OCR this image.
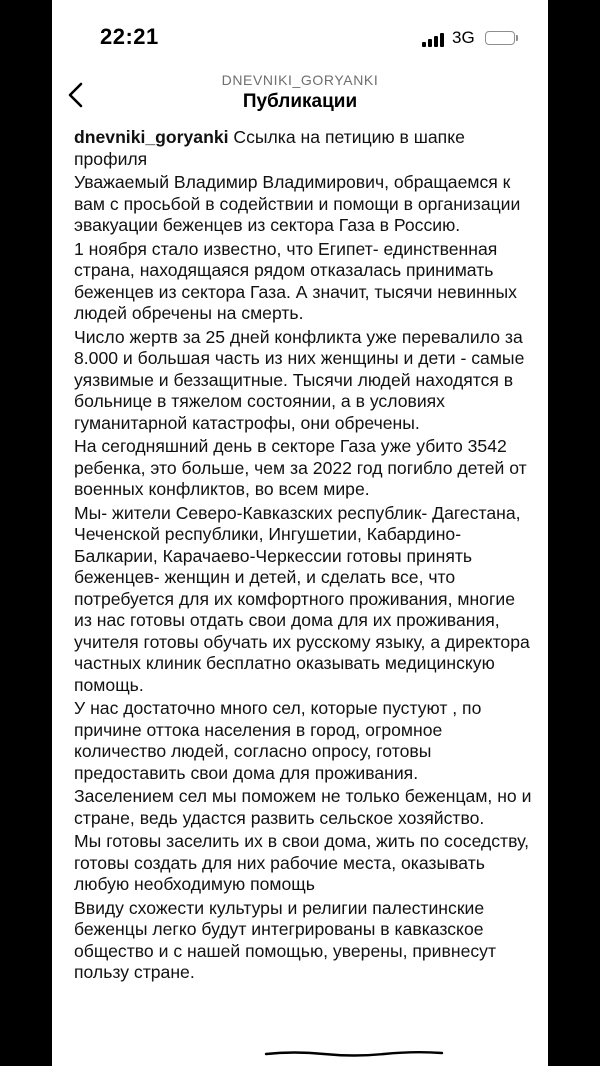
22:21	3G
DNEVNIKI_GORYANKI
Публикации

dnevniki_goryanki Ссылка на петицию в шапке профиля

Уважаемый Владимир Владимирович, обращаемся к вам с просьбой в содействии и помощи в организации эвакуации беженцев из сектора Газа в Россию.

1 ноября стало известно, что Египет- единственная страна, находящаяся рядом отказалась принимать беженцев из сектора Газа. А значит, тысячи невинных людей обречены на смерть.

Число жертв за 25 дней конфликта уже перевалило за 8.000 и большая часть из них женщины и дети - самые уязвимые и беззащитные. Тысячи людей находятся в больнице в тяжелом состоянии, а в условиях гуманитарной катастрофы, они обречены.

На сегодняшний день в секторе Газа уже убито 3542 ребенка, это больше, чем за 2022 год погибло детей от военных конфликтов, во всем мире.

Мы- жители Северо-Кавказских республик- Дагестана, Чеченской республики, Ингушетии, Кабардино-Балкарии, Карачаево-Черкессии готовы принять беженцев- женщин и детей, и сделать все, что потребуется для их комфортного проживания, многие из нас готовы отдать свои дома для их проживания, учителя готовы обучать их русскому языку, а директора частных клиник бесплатно оказывать медицинскую помощь.

У нас достаточно много сел, которые пустуют , по причине оттока населения в город, огромное количество людей, согласно опросу, готовы предоставить свои дома для проживания.

Заселением сел мы поможем не только беженцам, но и стране, ведь удастся развить сельское хозяйство.

Мы готовы заселить их в свои дома, жить по соседству, готовы создать для них рабочие места, оказывать любую необходимую помощь

Ввиду схожести культуры и религии палестинские беженцы легко будут интегрированы в кавказское общество и с нашей помощью, уверены, привнесут пользу стране.
